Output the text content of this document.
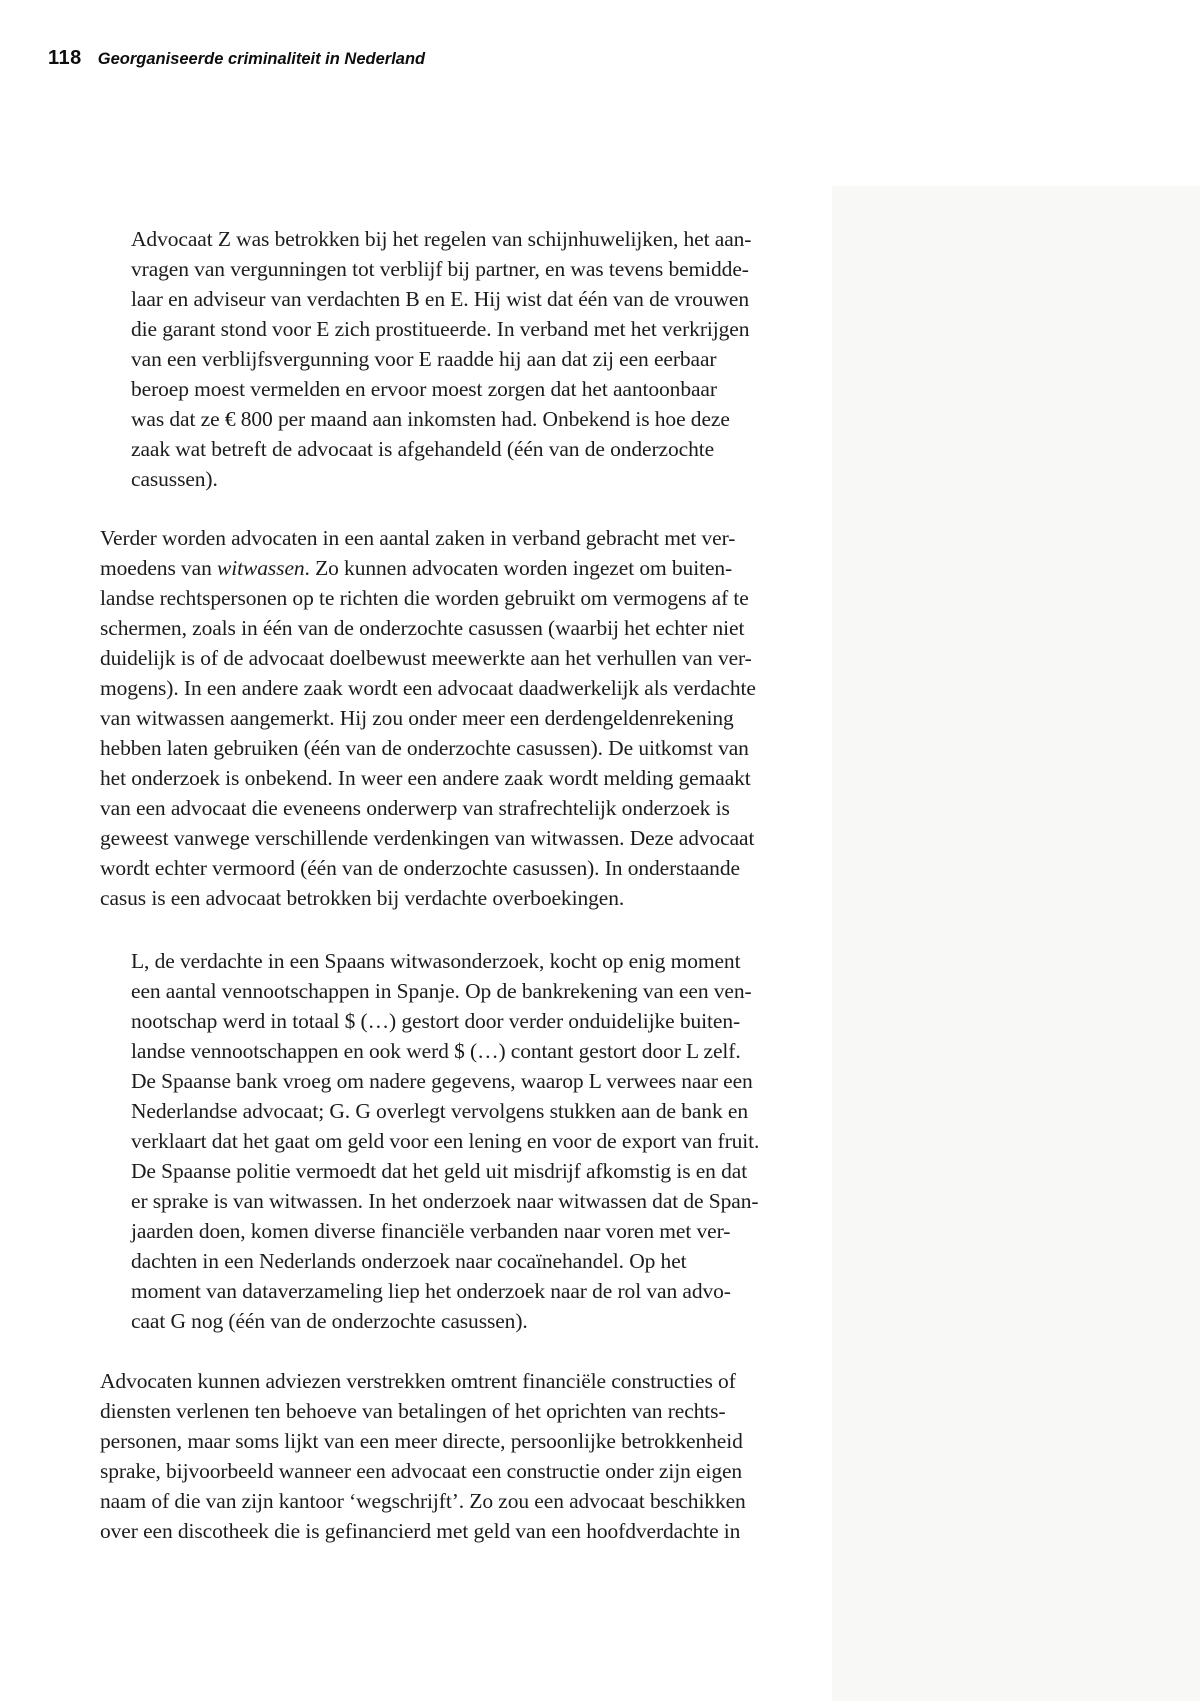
118 Georganiseerde criminaliteit in Nederland
Advocaat Z was betrokken bij het regelen van schijnhuwelijken, het aan-
vragen van vergunningen tot verblijf bij partner, en was tevens bemidde-
laar en adviseur van verdachten B en E. Hij wist dat één van de vrouwen
die garant stond voor E zich prostitueerde. In verband met het verkrijgen
van een verblijfsvergunning voor E raadde hij aan dat zij een eerbaar
beroep moest vermelden en ervoor moest zorgen dat het aantoonbaar
was dat ze € 800 per maand aan inkomsten had. Onbekend is hoe deze
zaak wat betreft de advocaat is afgehandeld (één van de onderzochte
casussen).
Verder worden advocaten in een aantal zaken in verband gebracht met ver-
moedens van witwassen. Zo kunnen advocaten worden ingezet om buiten-
landse rechtspersonen op te richten die worden gebruikt om vermogens af te
schermen, zoals in één van de onderzochte casussen (waarbij het echter niet
duidelijk is of de advocaat doelbewust meewerkte aan het verhullen van ver-
mogens). In een andere zaak wordt een advocaat daadwerkelijk als verdachte
van witwassen aangemerkt. Hij zou onder meer een derdengeldenrekening
hebben laten gebruiken (één van de onderzochte casussen). De uitkomst van
het onderzoek is onbekend. In weer een andere zaak wordt melding gemaakt
van een advocaat die eveneens onderwerp van strafrechtelijk onderzoek is
geweest vanwege verschillende verdenkingen van witwassen. Deze advocaat
wordt echter vermoord (één van de onderzochte casussen). In onderstaande
casus is een advocaat betrokken bij verdachte overboekingen.
L, de verdachte in een Spaans witwasonderzoek, kocht op enig moment
een aantal vennootschappen in Spanje. Op de bankrekening van een ven-
nootschap werd in totaal $ (…) gestort door verder onduidelijke buiten-
landse vennootschappen en ook werd $ (…) contant gestort door L zelf.
De Spaanse bank vroeg om nadere gegevens, waarop L verwees naar een
Nederlandse advocaat; G. G overlegt vervolgens stukken aan de bank en
verklaart dat het gaat om geld voor een lening en voor de export van fruit.
De Spaanse politie vermoedt dat het geld uit misdrijf afkomstig is en dat
er sprake is van witwassen. In het onderzoek naar witwassen dat de Span-
jaarden doen, komen diverse financiële verbanden naar voren met ver-
dachten in een Nederlands onderzoek naar cocaïnehandel. Op het
moment van dataverzameling liep het onderzoek naar de rol van advo-
caat G nog (één van de onderzochte casussen).
Advocaten kunnen adviezen verstrekken omtrent financiële constructies of
diensten verlenen ten behoeve van betalingen of het oprichten van rechts-
personen, maar soms lijkt van een meer directe, persoonlijke betrokkenheid
sprake, bijvoorbeeld wanneer een advocaat een constructie onder zijn eigen
naam of die van zijn kantoor ‘wegschrijft’. Zo zou een advocaat beschikken
over een discotheek die is gefinancierd met geld van een hoofdverdachte in
